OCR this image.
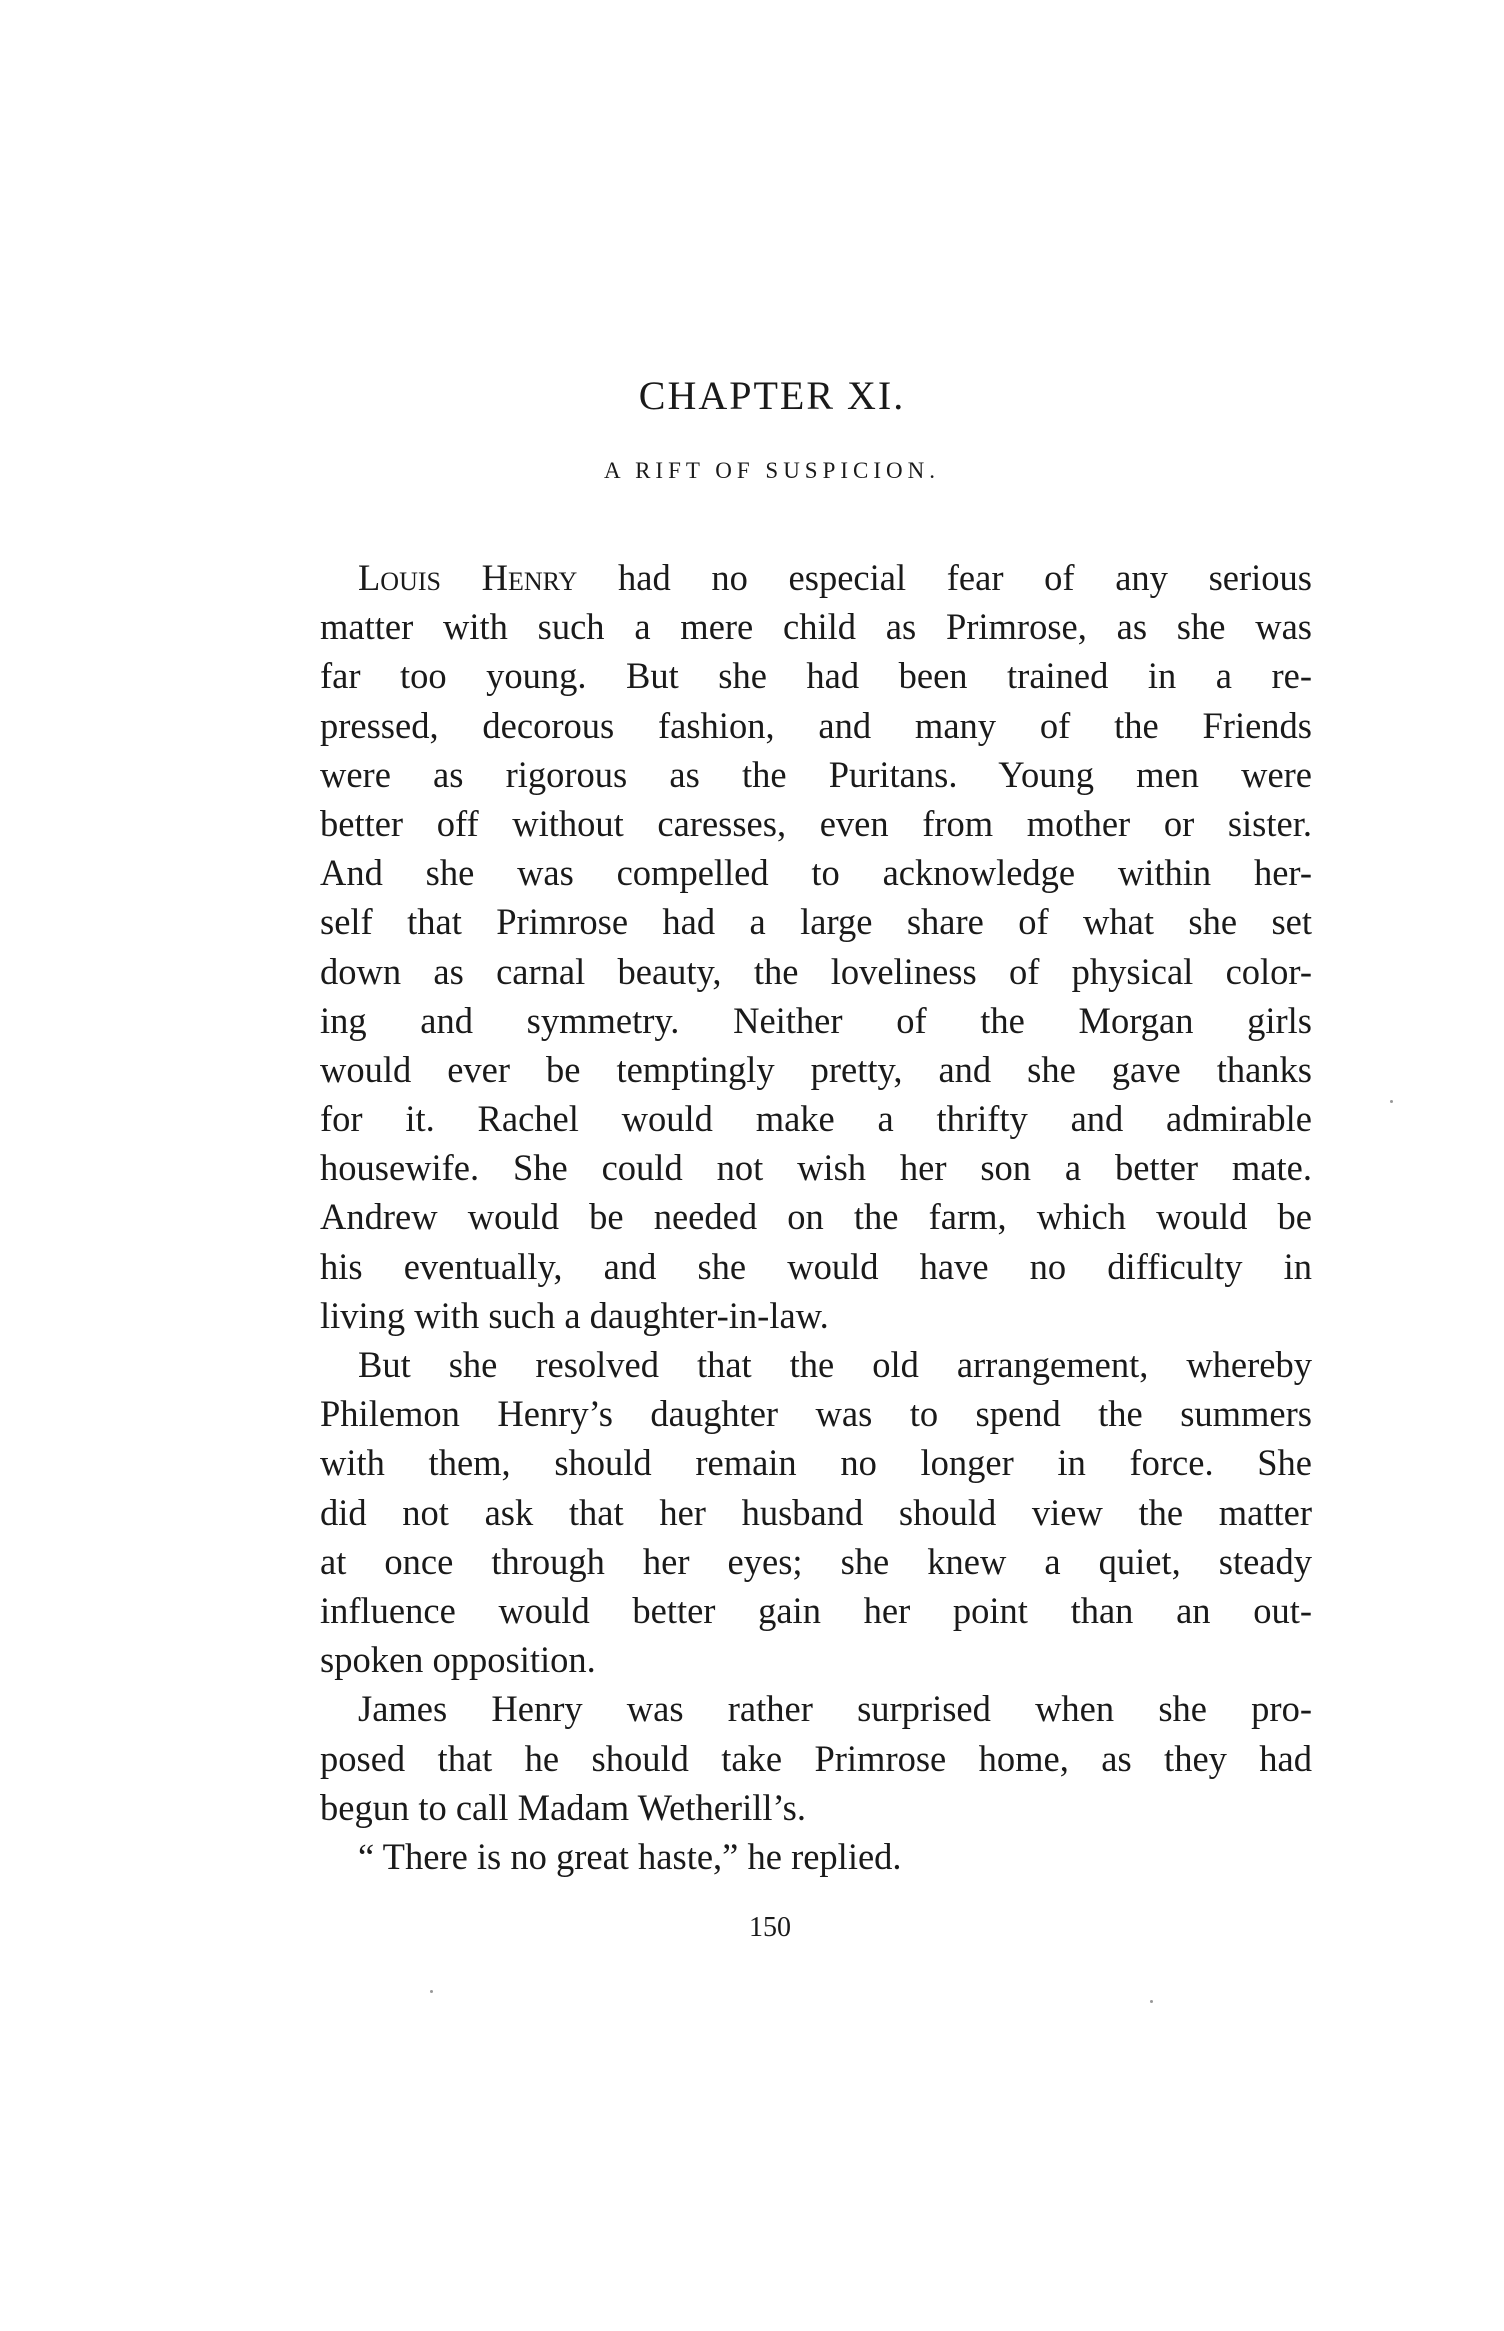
CHAPTER XI.
A RIFT OF SUSPICION.
Louis Henry had no especial fear of any serious
matter with such a mere child as Primrose, as she was
far too young. But she had been trained in a re-
pressed, decorous fashion, and many of the Friends
were as rigorous as the Puritans. Young men were
better off without caresses, even from mother or sister.
And she was compelled to acknowledge within her-
self that Primrose had a large share of what she set
down as carnal beauty, the loveliness of physical color-
ing and symmetry. Neither of the Morgan girls
would ever be temptingly pretty, and she gave thanks
for it. Rachel would make a thrifty and admirable
housewife. She could not wish her son a better mate.
Andrew would be needed on the farm, which would be
his eventually, and she would have no difficulty in
living with such a daughter-in-law.
But she resolved that the old arrangement, whereby
Philemon Henry’s daughter was to spend the summers
with them, should remain no longer in force. She
did not ask that her husband should view the matter
at once through her eyes; she knew a quiet, steady
influence would better gain her point than an out-
spoken opposition.
James Henry was rather surprised when she pro-
posed that he should take Primrose home, as they had
begun to call Madam Wetherill’s.
“ There is no great haste,” he replied.
150
